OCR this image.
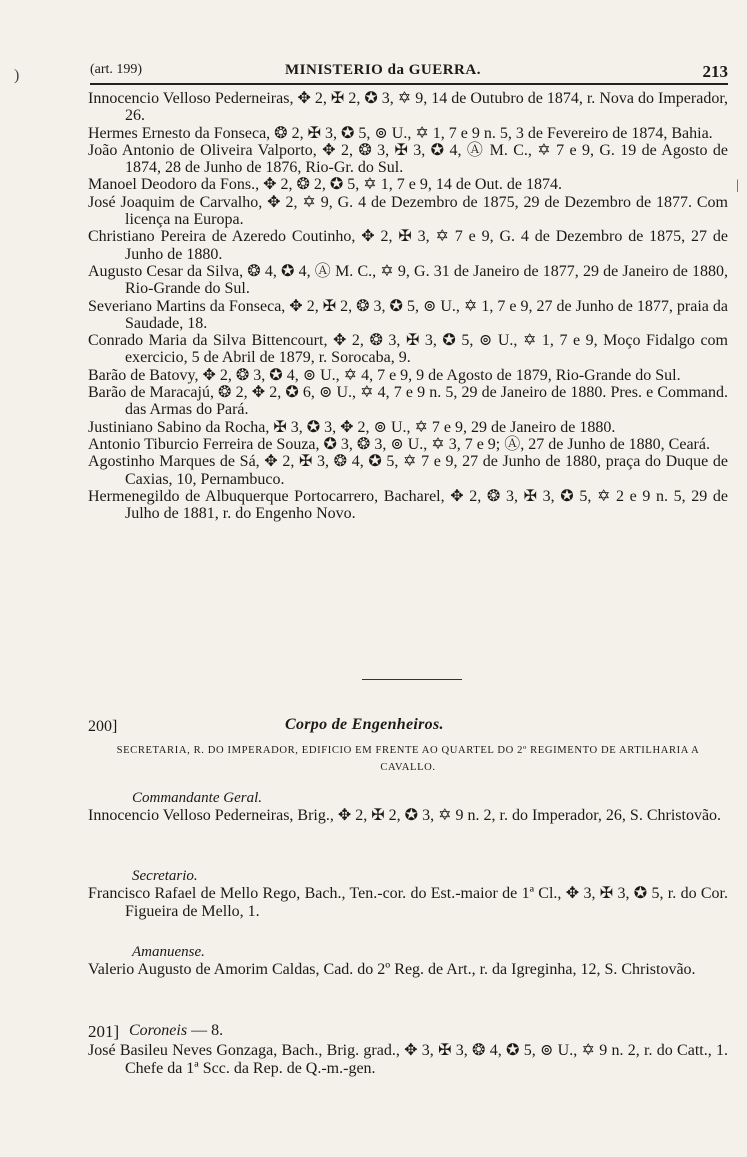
)
|
(art. 199)	MINISTERIO da GUERRA.	213

Innocencio Velloso Pederneiras, ✥ 2, ✠ 2, ✪ 3, ✡ 9, 14 de Outubro de 1874, r. Nova do Imperador, 26.

Hermes Ernesto da Fonseca, ❂ 2, ✠ 3, ✪ 5, ⊚ U., ✡ 1, 7 e 9 n. 5, 3 de Fevereiro de 1874, Bahia.

João Antonio de Oliveira Valporto, ✥ 2, ❂ 3, ✠ 3, ✪ 4, Ⓐ M. C., ✡ 7 e 9, G. 19 de Agosto de 1874, 28 de Junho de 1876, Rio-Gr. do Sul.

Manoel Deodoro da Fons., ✥ 2, ❂ 2, ✪ 5, ✡ 1, 7 e 9, 14 de Out. de 1874.

José Joaquim de Carvalho, ✥ 2, ✡ 9, G. 4 de Dezembro de 1875, 29 de Dezembro de 1877. Com licença na Europa.

Christiano Pereira de Azeredo Coutinho, ✥ 2, ✠ 3, ✡ 7 e 9, G. 4 de Dezembro de 1875, 27 de Junho de 1880.

Augusto Cesar da Silva, ❂ 4, ✪ 4, Ⓐ M. C., ✡ 9, G. 31 de Janeiro de 1877, 29 de Janeiro de 1880, Rio-Grande do Sul.

Severiano Martins da Fonseca, ✥ 2, ✠ 2, ❂ 3, ✪ 5, ⊚ U., ✡ 1, 7 e 9, 27 de Junho de 1877, praia da Saudade, 18.

Conrado Maria da Silva Bittencourt, ✥ 2, ❂ 3, ✠ 3, ✪ 5, ⊚ U., ✡ 1, 7 e 9, Moço Fidalgo com exercicio, 5 de Abril de 1879, r. Sorocaba, 9.

Barão de Batovy, ✥ 2, ❂ 3, ✪ 4, ⊚ U., ✡ 4, 7 e 9, 9 de Agosto de 1879, Rio-Grande do Sul.

Barão de Maracajú, ❂ 2, ✥ 2, ✪ 6, ⊚ U., ✡ 4, 7 e 9 n. 5, 29 de Janeiro de 1880. Pres. e Command. das Armas do Pará.

Justiniano Sabino da Rocha, ✠ 3, ✪ 3, ✥ 2, ⊚ U., ✡ 7 e 9, 29 de Janeiro de 1880.

Antonio Tiburcio Ferreira de Souza, ✪ 3, ❂ 3, ⊚ U., ✡ 3, 7 e 9; Ⓐ, 27 de Junho de 1880, Ceará.

Agostinho Marques de Sá, ✥ 2, ✠ 3, ❂ 4, ✪ 5, ✡ 7 e 9, 27 de Junho de 1880, praça do Duque de Caxias, 10, Pernambuco.

Hermenegildo de Albuquerque Portocarrero, Bacharel, ✥ 2, ❂ 3, ✠ 3, ✪ 5, ✡ 2 e 9 n. 5, 29 de Julho de 1881, r. do Engenho Novo.

200]	Corpo de Engenheiros.
SECRETARIA, R. DO IMPERADOR, EDIFICIO EM FRENTE AO QUARTEL DO 2º REGIMENTO DE ARTILHARIA A CAVALLO.
Commandante Geral.
Innocencio Velloso Pederneiras, Brig., ✥ 2, ✠ 2, ✪ 3, ✡ 9 n. 2, r. do Imperador, 26, S. Christovão.
Secretario.
Francisco Rafael de Mello Rego, Bach., Ten.-cor. do Est.-maior de 1ª Cl., ✥ 3, ✠ 3, ✪ 5, r. do Cor. Figueira de Mello, 1.
Amanuense.
Valerio Augusto de Amorim Caldas, Cad. do 2º Reg. de Art., r. da Igreginha, 12, S. Christovão.
201] Coroneis — 8.
José Basileu Neves Gonzaga, Bach., Brig. grad., ✥ 3, ✠ 3, ❂ 4, ✪ 5, ⊚ U., ✡ 9 n. 2, r. do Catt., 1. Chefe da 1ª Scc. da Rep. de Q.-m.-gen.
